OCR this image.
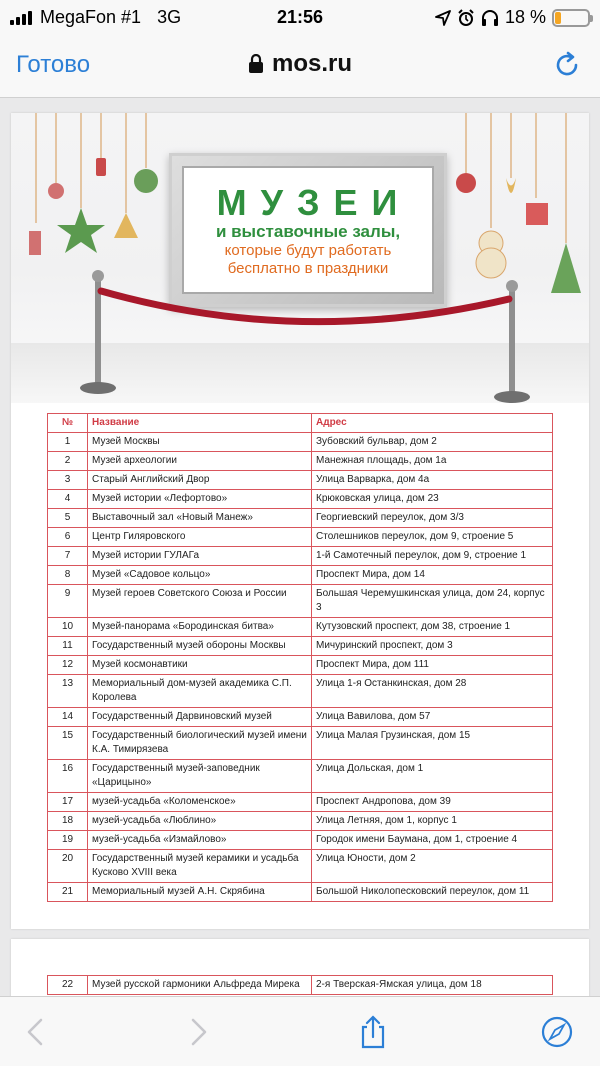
MegaFon #1 3G	21:56	18 %
Готово	mos.ru
МУЗЕИ
и выставочные залы,
которые будут работать
бесплатно в праздники
№	Название	Адрес
1	Музей Москвы	Зубовский бульвар, дом 2
2	Музей археологии	Манежная площадь, дом 1а
3	Старый Английский Двор	Улица Варварка, дом 4а
4	Музей истории «Лефортово»	Крюковская улица, дом 23
5	Выставочный зал «Новый Манеж»	Георгиевский переулок, дом 3/3
6	Центр Гиляровского	Столешников переулок, дом 9, строение 5
7	Музей истории ГУЛАГа	1-й Самотечный переулок, дом 9, строение 1
8	Музей «Садовое кольцо»	Проспект Мира, дом 14
9	Музей героев Советского Союза и России	Большая Черемушкинская улица, дом 24, корпус 3
10	Музей-панорама «Бородинская битва»	Кутузовский проспект, дом 38, строение 1
11	Государственный музей обороны Москвы	Мичуринский проспект, дом 3
12	Музей космонавтики	Проспект Мира, дом 111
13	Мемориальный дом-музей академика С.П. Королева	Улица 1-я Останкинская, дом 28
14	Государственный Дарвиновский музей	Улица Вавилова, дом 57
15	Государственный биологический музей имени К.А. Тимирязева	Улица Малая Грузинская, дом 15
16	Государственный музей-заповедник «Царицыно»	Улица Дольская, дом 1
17	музей-усадьба «Коломенское»	Проспект Андропова, дом 39
18	музей-усадьба «Люблино»	Улица Летняя, дом 1, корпус 1
19	музей-усадьба «Измайлово»	Городок имени Баумана, дом 1, строение 4
20	Государственный музей керамики и усадьба Кусково XVIII века	Улица Юности, дом 2
21	Мемориальный музей А.Н. Скрябина	Большой Николопесковский переулок, дом 11
22	Музей русской гармоники Альфреда Мирека	2-я Тверская-Ямская улица, дом 18
